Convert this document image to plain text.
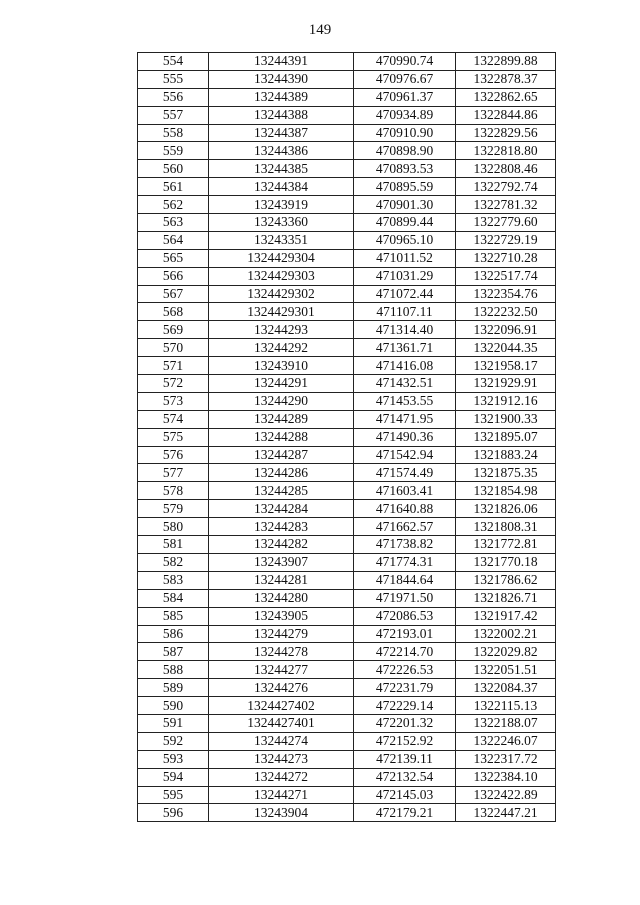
149
554	13244391	470990.74	1322899.88
555	13244390	470976.67	1322878.37
556	13244389	470961.37	1322862.65
557	13244388	470934.89	1322844.86
558	13244387	470910.90	1322829.56
559	13244386	470898.90	1322818.80
560	13244385	470893.53	1322808.46
561	13244384	470895.59	1322792.74
562	13243919	470901.30	1322781.32
563	13243360	470899.44	1322779.60
564	13243351	470965.10	1322729.19
565	1324429304	471011.52	1322710.28
566	1324429303	471031.29	1322517.74
567	1324429302	471072.44	1322354.76
568	1324429301	471107.11	1322232.50
569	13244293	471314.40	1322096.91
570	13244292	471361.71	1322044.35
571	13243910	471416.08	1321958.17
572	13244291	471432.51	1321929.91
573	13244290	471453.55	1321912.16
574	13244289	471471.95	1321900.33
575	13244288	471490.36	1321895.07
576	13244287	471542.94	1321883.24
577	13244286	471574.49	1321875.35
578	13244285	471603.41	1321854.98
579	13244284	471640.88	1321826.06
580	13244283	471662.57	1321808.31
581	13244282	471738.82	1321772.81
582	13243907	471774.31	1321770.18
583	13244281	471844.64	1321786.62
584	13244280	471971.50	1321826.71
585	13243905	472086.53	1321917.42
586	13244279	472193.01	1322002.21
587	13244278	472214.70	1322029.82
588	13244277	472226.53	1322051.51
589	13244276	472231.79	1322084.37
590	1324427402	472229.14	1322115.13
591	1324427401	472201.32	1322188.07
592	13244274	472152.92	1322246.07
593	13244273	472139.11	1322317.72
594	13244272	472132.54	1322384.10
595	13244271	472145.03	1322422.89
596	13243904	472179.21	1322447.21
